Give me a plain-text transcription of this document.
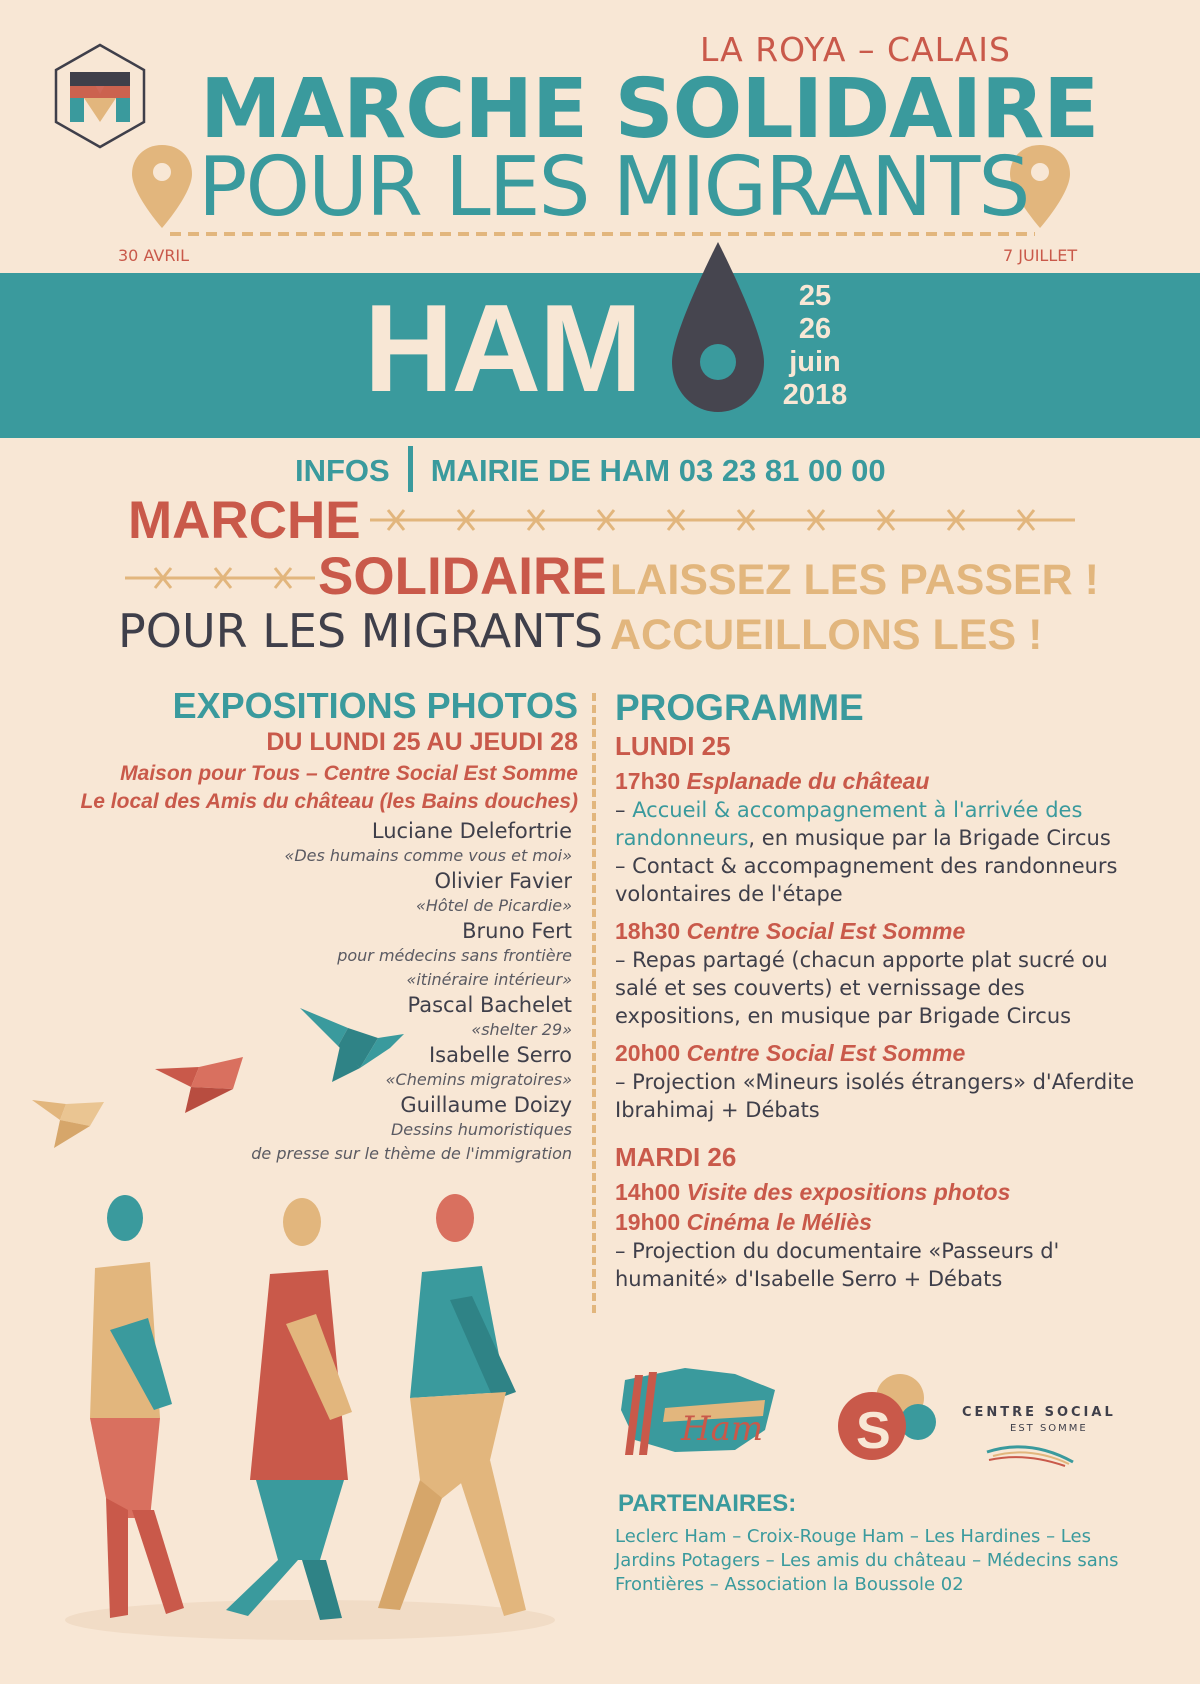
LA ROYA – CALAIS
MARCHE SOLIDAIRE
POUR LES MIGRANTS
30 AVRIL	7 JUILLET
HAM	25
26
juin
2018
INFOS MAIRIE DE HAM 03 23 81 00 00
MARCHE
SOLIDAIRE
POUR LES MIGRANTS
LAISSEZ LES PASSER !
ACCUEILLONS LES !
EXPOSITIONS PHOTOS
DU LUNDI 25 AU JEUDI 28
Maison pour Tous – Centre Social Est Somme
Le local des Amis du château (les Bains douches)

Luciane Delefortrie

«Des humains comme vous et moi»

Olivier Favier

«Hôtel de Picardie»

Bruno Fert

pour médecins sans frontière

«itinéraire intérieur»

Pascal Bachelet

«shelter 29»

Isabelle Serro

«Chemins migratoires»

Guillaume Doizy

Dessins humoristiques

de presse sur le thème de l'immigration

PROGRAMME
LUNDI 25
17h30 Esplanade du château

– Accueil & accompagnement à l'arrivée des randonneurs, en musique par la Brigade Circus

– Contact & accompagnement des randonneurs volontaires de l'étape

18h30 Centre Social Est Somme

– Repas partagé (chacun apporte plat sucré ou salé et ses couverts) et vernissage des expositions, en musique par Brigade Circus

20h00 Centre Social Est Somme

– Projection «Mineurs isolés étrangers» d'Aferdite Ibrahimaj + Débats

MARDI 26
14h00 Visite des expositions photos
19h00 Cinéma le Méliès

– Projection du documentaire «Passeurs d' humanité» d'Isabelle Serro + Débats

Ham S	CENTRE SOCIAL
EST SOMME
PARTENAIRES:
Leclerc Ham – Croix-Rouge Ham – Les Hardines – Les Jardins Potagers – Les amis du château – Médecins sans Frontières – Association la Boussole 02
